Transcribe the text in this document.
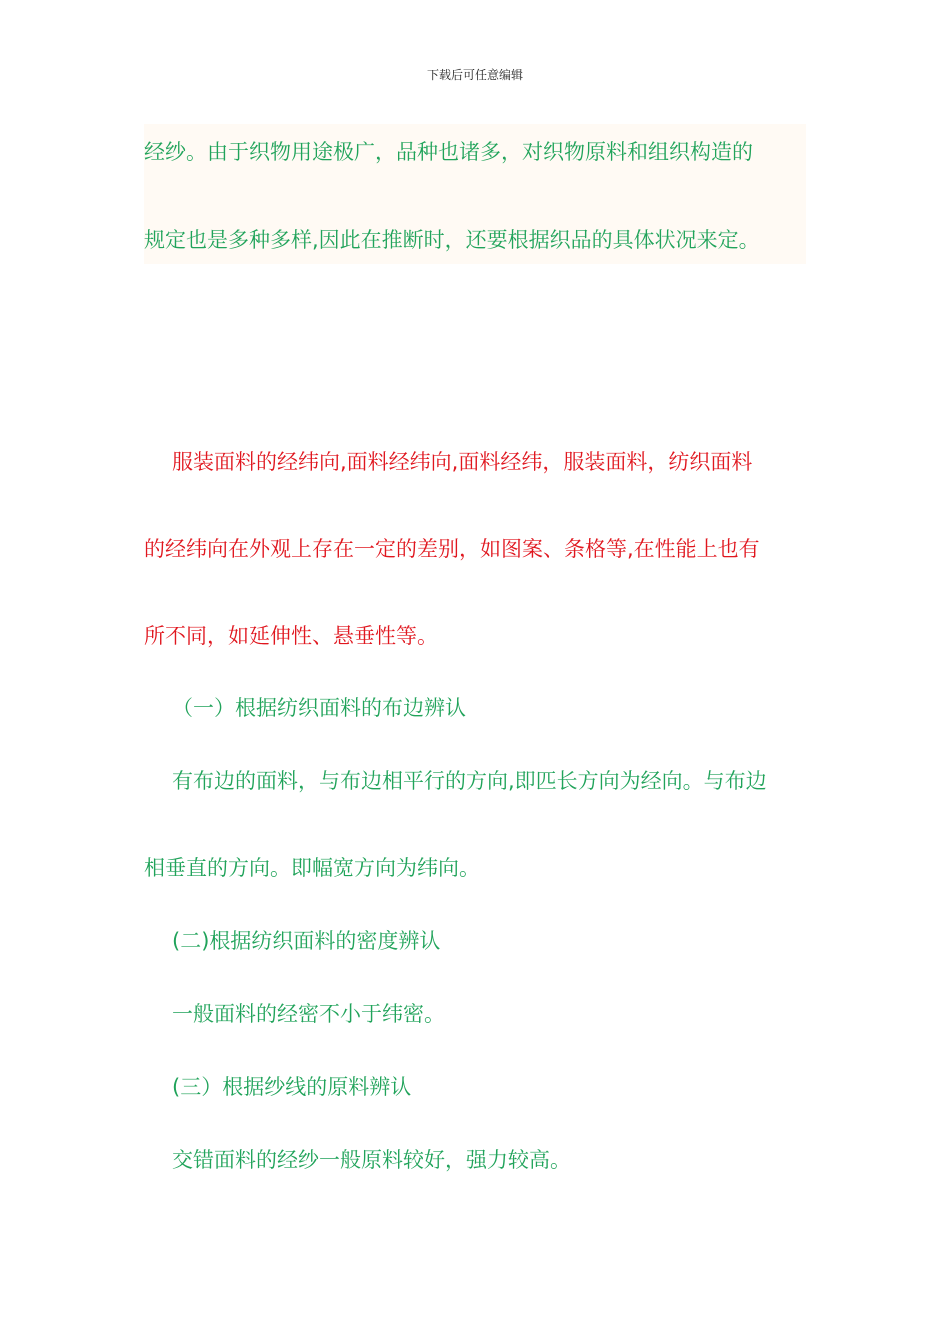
下载后可任意编辑
经纱。由于织物用途极广，品种也诸多，对织物原料和组织构造的
规定也是多种多样,因此在推断时，还要根据织品的具体状况来定。
服装面料的经纬向,面料经纬向,面料经纬，服装面料，纺织面料
的经纬向在外观上存在一定的差别，如图案、条格等,在性能上也有
所不同，如延伸性、悬垂性等。
（一）根据纺织面料的布边辨认
有布边的面料，与布边相平行的方向,即匹长方向为经向。与布边
相垂直的方向。即幅宽方向为纬向。
(二)根据纺织面料的密度辨认
一般面料的经密不小于纬密。
(三）根据纱线的原料辨认
交错面料的经纱一般原料较好，强力较高。
